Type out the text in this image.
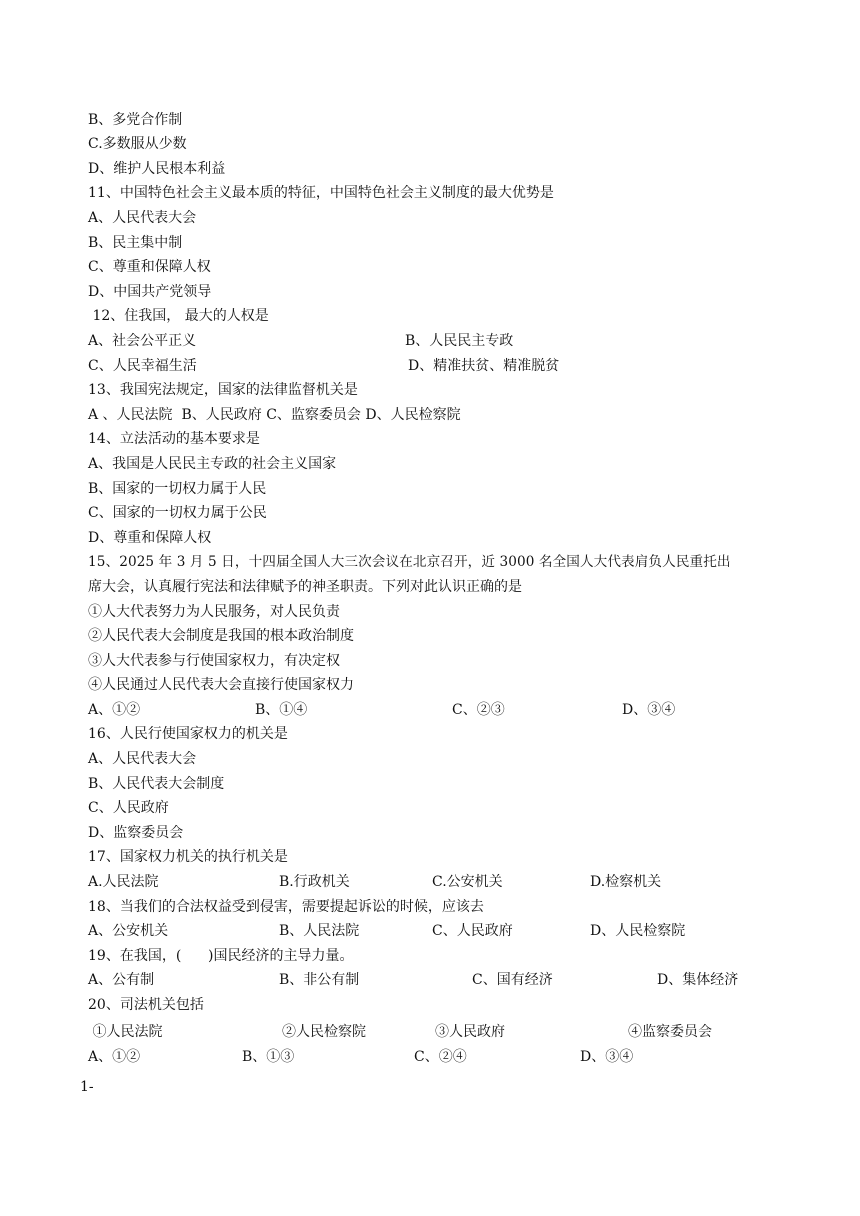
B、多党合作制
C.多数服从少数
D、维护人民根本利益
11、中国特色社会主义最本质的特征，中国特色社会主义制度的最大优势是
A、人民代表大会
B、民主集中制
C、尊重和保障人权
D、中国共产党领导
12、住我国， 最大的人权是
A、社会公平正义	B、人民民主专政
C、人民幸福生活	D、精准扶贫、精准脱贫
13、我国宪法规定，国家的法律监督机关是
A 、人民法院  B、人民政府 C、监察委员会 D、人民检察院
14、立法活动的基本要求是
A、我国是人民民主专政的社会主义国家
B、国家的一切权力属于人民
C、国家的一切权力属于公民
D、尊重和保障人权
15、2025 年 3 月 5 日，十四届全国人大三次会议在北京召开，近 3000 名全国人大代表肩负人民重托出
席大会，认真履行宪法和法律赋予的神圣职责。下列对此认识正确的是
①人大代表努力为人民服务，对人民负责
②人民代表大会制度是我国的根本政治制度
③人大代表参与行使国家权力，有决定权
④人民通过人民代表大会直接行使国家权力
A、①②	B、①④	C、②③	D、③④
16、人民行使国家权力的机关是
A、人民代表大会
B、人民代表大会制度
C、人民政府
D、监察委员会
17、国家权力机关的执行机关是
A.人民法院	B.行政机关	C.公安机关	D.检察机关
18、当我们的合法权益受到侵害，需要提起诉讼的时候，应该去
A、公安机关	B、人民法院	C、人民政府	D、人民检察院
19、在我国，(      )国民经济的主导力量。
A、公有制	B、非公有制	C、国有经济	D、集体经济
20、司法机关包括
①人民法院	②人民检察院	③人民政府	④监察委员会
A、①②	B、①③	C、②④	D、③④
1-
